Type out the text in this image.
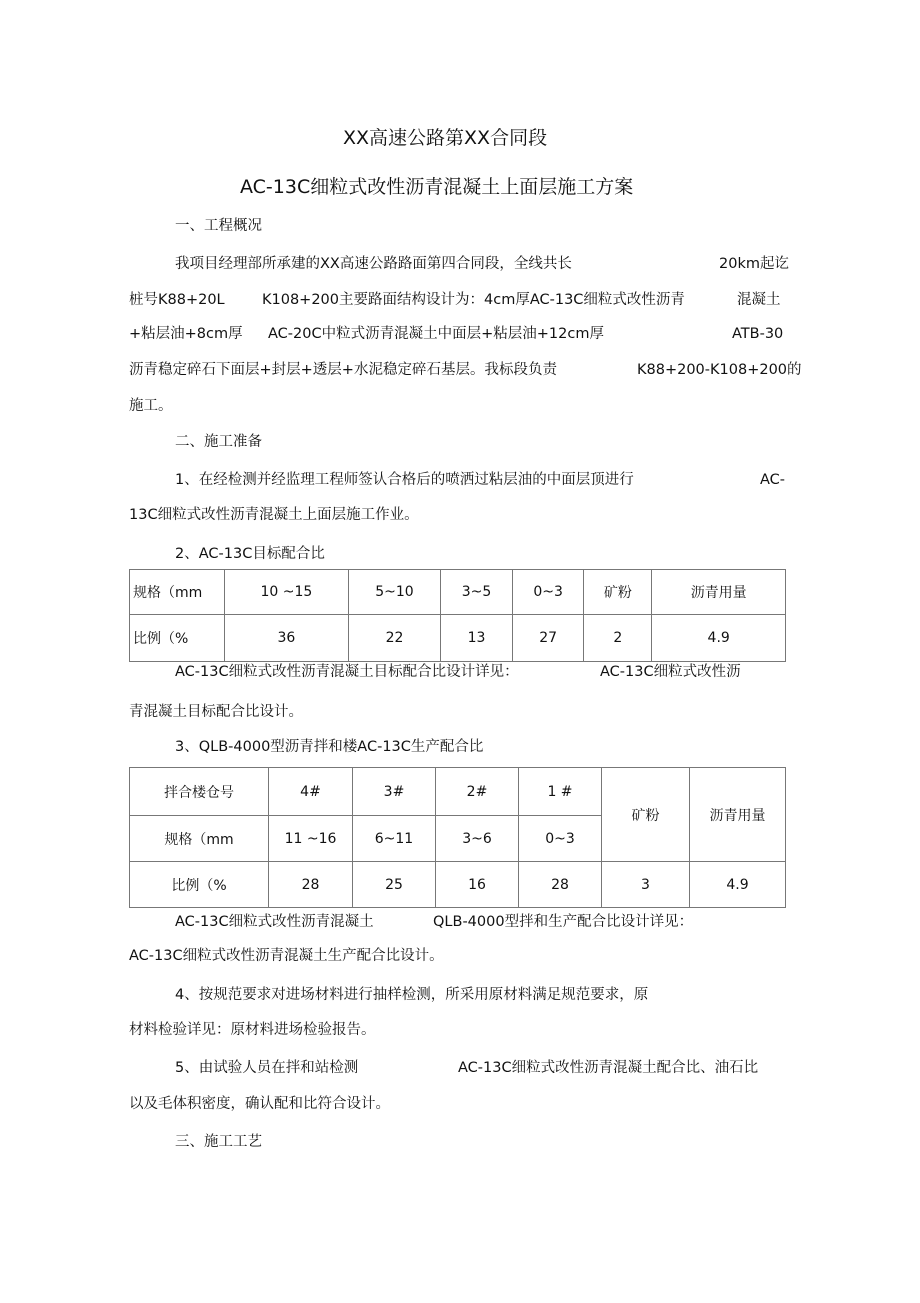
XX高速公路第XX合同段
AC-13C细粒式改性沥青混凝土上面层施工方案
一、工程概况
我项目经理部所承建的XX高速公路路面第四合同段，全线共长	20km起讫
桩号K88+20L	K108+200主要路面结构设计为：4cm厚AC-13C细粒式改性沥青	混凝土
+粘层油+8cm厚 AC-20C中粒式沥青混凝土中面层+粘层油+12cm厚	ATB-30
沥青稳定碎石下面层+封层+透层+水泥稳定碎石基层。我标段负责	K88+200-K108+200的
施工。
二、施工准备
1、在经检测并经监理工程师签认合格后的喷洒过粘层油的中面层顶进行	AC-
13C细粒式改性沥青混凝土上面层施工作业。
2、AC-13C目标配合比
规格（mm	10 ~15	5~10	3~5	0~3	矿粉	沥青用量
比例（%	36	22	13	27	2	4.9
AC-13C细粒式改性沥青混凝土目标配合比设计详见：	AC-13C细粒式改性沥
青混凝土目标配合比设计。
3、QLB-4000型沥青拌和楼AC-13C生产配合比
拌合楼仓号	4#	3#	2#	1 #	矿粉	沥青用量
规格（mm	11 ~16	6~11	3~6	0~3		
比例（%	28	25	16	28	3	4.9
AC-13C细粒式改性沥青混凝土	QLB-4000型拌和生产配合比设计详见：
AC-13C细粒式改性沥青混凝土生产配合比设计。
4、按规范要求对进场材料进行抽样检测，所采用原材料满足规范要求，原
材料检验详见：原材料进场检验报告。
5、由试验人员在拌和站检测	AC-13C细粒式改性沥青混凝土配合比、油石比
以及毛体积密度，确认配和比符合设计。
三、施工工艺
